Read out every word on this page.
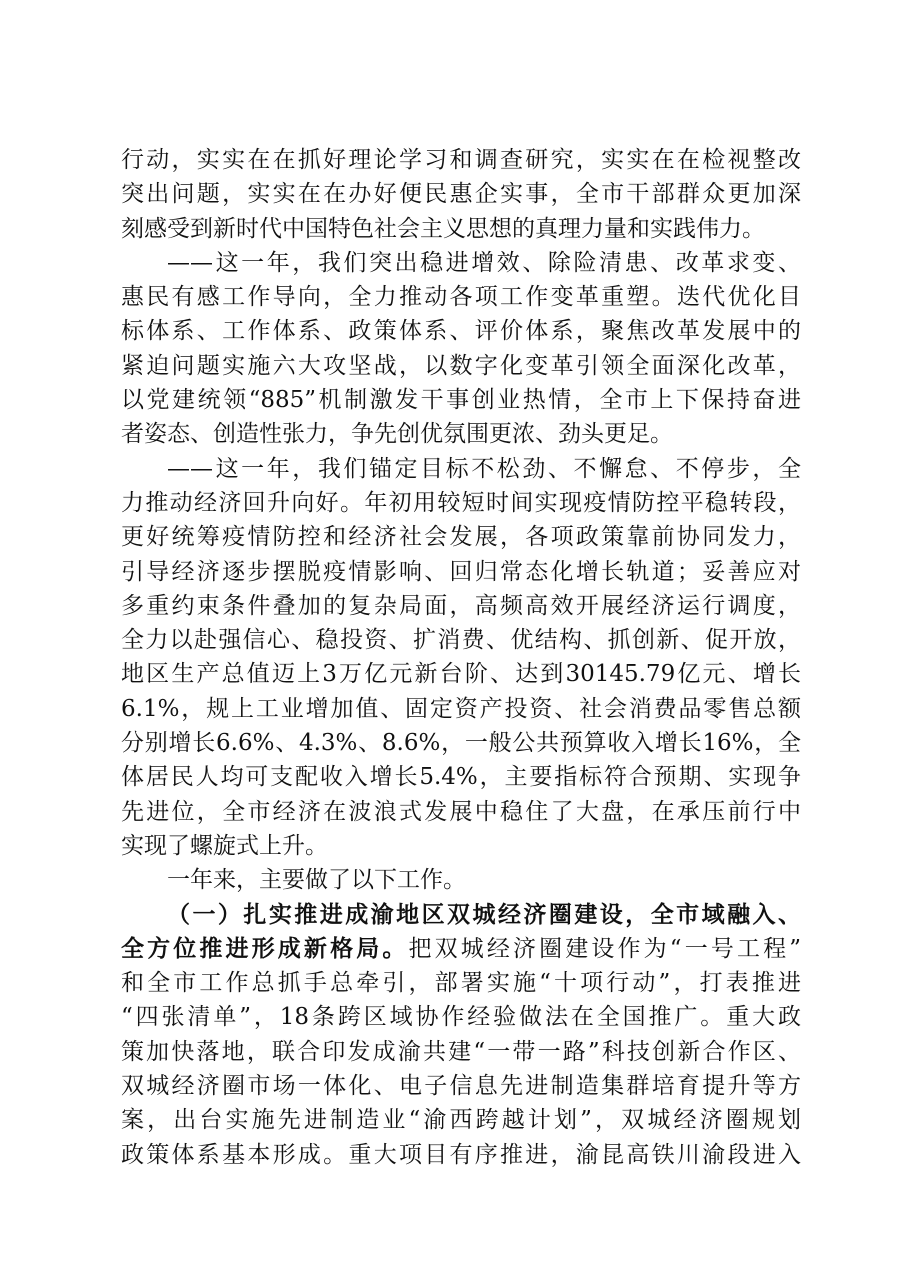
行动，实实在在抓好理论学习和调查研究，实实在在检视整改
突出问题，实实在在办好便民惠企实事，全市干部群众更加深
刻感受到新时代中国特色社会主义思想的真理力量和实践伟力。
——这一年，我们突出稳进增效、除险清患、改革求变、
惠民有感工作导向，全力推动各项工作变革重塑。迭代优化目
标体系、工作体系、政策体系、评价体系，聚焦改革发展中的
紧迫问题实施六大攻坚战，以数字化变革引领全面深化改革，
以党建统领“885”机制激发干事创业热情，全市上下保持奋进
者姿态、创造性张力，争先创优氛围更浓、劲头更足。
——这一年，我们锚定目标不松劲、不懈怠、不停步，全
力推动经济回升向好。年初用较短时间实现疫情防控平稳转段，
更好统筹疫情防控和经济社会发展，各项政策靠前协同发力，
引导经济逐步摆脱疫情影响、回归常态化增长轨道；妥善应对
多重约束条件叠加的复杂局面，高频高效开展经济运行调度，
全力以赴强信心、稳投资、扩消费、优结构、抓创新、促开放，
地区生产总值迈上3万亿元新台阶、达到30145.79亿元、增长
6.1%，规上工业增加值、固定资产投资、社会消费品零售总额
分别增长6.6%、4.3%、8.6%，一般公共预算收入增长16%，全
体居民人均可支配收入增长5.4%，主要指标符合预期、实现争
先进位，全市经济在波浪式发展中稳住了大盘，在承压前行中
实现了螺旋式上升。
一年来，主要做了以下工作。
（一）扎实推进成渝地区双城经济圈建设，全市域融入、
全方位推进形成新格局。把双城经济圈建设作为“一号工程”
和全市工作总抓手总牵引，部署实施“十项行动”，打表推进
“四张清单”，18条跨区域协作经验做法在全国推广。重大政
策加快落地，联合印发成渝共建“一带一路”科技创新合作区、
双城经济圈市场一体化、电子信息先进制造集群培育提升等方
案，出台实施先进制造业“渝西跨越计划”，双城经济圈规划
政策体系基本形成。重大项目有序推进，渝昆高铁川渝段进入
